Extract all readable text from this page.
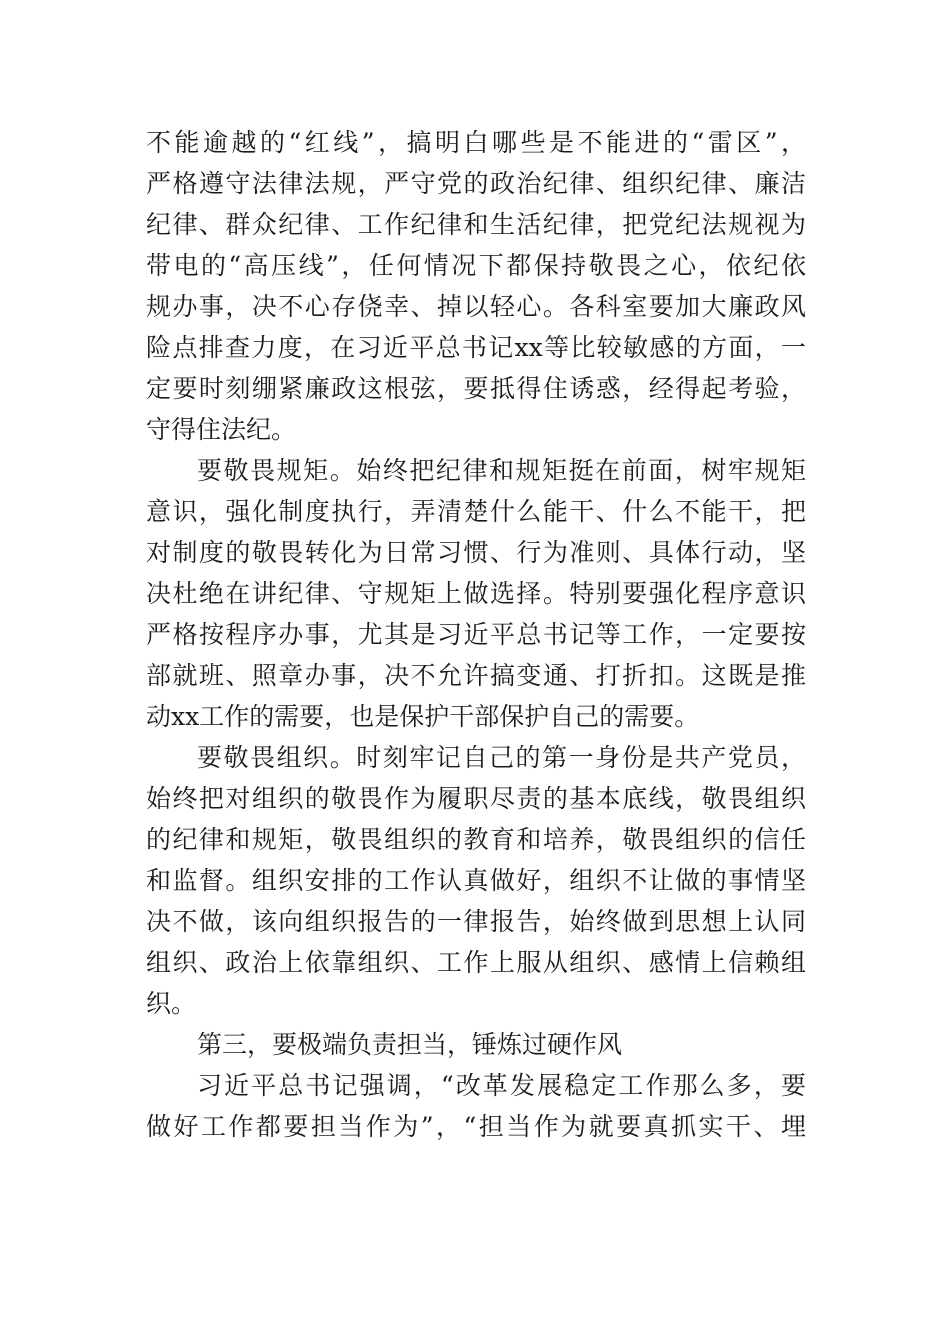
不能逾越的“红线”，搞明白哪些是不能进的“雷区”，
严格遵守法律法规，严守党的政治纪律、组织纪律、廉洁
纪律、群众纪律、工作纪律和生活纪律，把党纪法规视为
带电的“高压线”，任何情况下都保持敬畏之心，依纪依
规办事，决不心存侥幸、掉以轻心。各科室要加大廉政风
险点排查力度，在习近平总书记xx等比较敏感的方面，一
定要时刻绷紧廉政这根弦，要抵得住诱惑，经得起考验，
守得住法纪。
要敬畏规矩。始终把纪律和规矩挺在前面，树牢规矩
意识，强化制度执行，弄清楚什么能干、什么不能干，把
对制度的敬畏转化为日常习惯、行为准则、具体行动，坚
决杜绝在讲纪律、守规矩上做选择。特别要强化程序意识
严格按程序办事，尤其是习近平总书记等工作，一定要按
部就班、照章办事，决不允许搞变通、打折扣。这既是推
动xx工作的需要，也是保护干部保护自己的需要。
要敬畏组织。时刻牢记自己的第一身份是共产党员，
始终把对组织的敬畏作为履职尽责的基本底线，敬畏组织
的纪律和规矩，敬畏组织的教育和培养，敬畏组织的信任
和监督。组织安排的工作认真做好，组织不让做的事情坚
决不做，该向组织报告的一律报告，始终做到思想上认同
组织、政治上依靠组织、工作上服从组织、感情上信赖组
织。
第三，要极端负责担当，锤炼过硬作风
习近平总书记强调，“改革发展稳定工作那么多，要
做好工作都要担当作为”，“担当作为就要真抓实干、埋
